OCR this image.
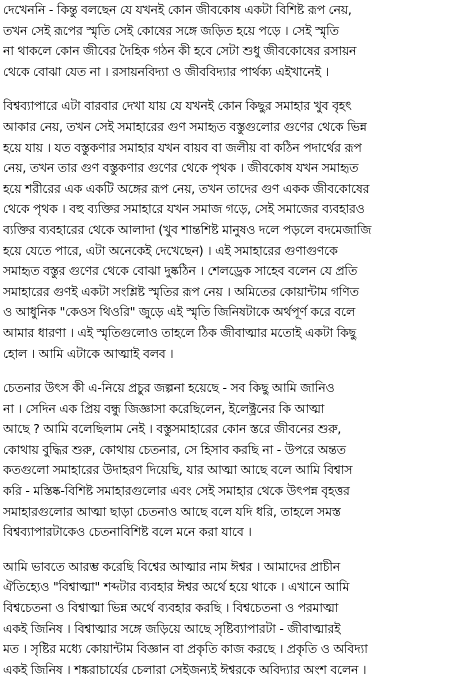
দেখেননি - কিন্তু বলছেন যে যখনই কোন জীবকোষ একটা বিশিষ্ট রূপ নেয়,
তখন সেই রূপের স্মৃতি সেই কোষের সঙ্গে জড়িত হয়ে পড়ে । সেই স্মৃতি
না থাকলে কোন জীবের দৈহিক গঠন কী হবে সেটা শুধু জীবকোষের রসায়ন
থেকে বোঝা যেত না । রসায়নবিদ্যা ও জীববিদ্যার পার্থক্য এইখানেই ।
বিশ্বব্যাপারে এটা বারবার দেখা যায় যে যখনই কোন কিছুর সমাহার খুব বৃহৎ
আকার নেয়, তখন সেই সমাহারের গুণ সমাহৃত বস্তুগুলোর গুণের থেকে ভিন্ন
হয়ে যায় । যত বস্তুকণার সমাহার যখন বায়ব বা জলীয় বা কঠিন পদার্থের রূপ
নেয়, তখন তার গুণ বস্তুকণার গুণের থেকে পৃথক । জীবকোষ যখন সমাহৃত
হয়ে শরীরের এক একটি অঙ্গের রূপ নেয়, তখন তাদের গুণ একক জীবকোষের
থেকে পৃথক । বহু ব্যক্তির সমাহারে যখন সমাজ গড়ে, সেই সমাজের ব্যবহারও
ব্যক্তির ব্যবহারের থেকে আলাদা (খুব শান্তশিষ্ট মানুষও দলে পড়লে বদমেজাজি
হয়ে যেতে পারে, এটা অনেকেই দেখেছেন) । এই সমাহারের গুণাগুণকে
সমাহৃত বস্তুর গুণের থেকে বোঝা দুষ্কঠিন । শেলড্রেক সাহেব বলেন যে প্রতি
সমাহারের গুণই একটা সংশ্লিষ্ট স্মৃতির রূপ নেয় । অমিতের কোয়ান্টাম গণিত
ও আধুনিক "কেওস থিওরি" জুড়ে এই স্মৃতি জিনিষটাকে অর্থপূর্ণ করে বলে
আমার ধারণা । এই স্মৃতিগুলোও তাহলে ঠিক জীবাত্মার মতোই একটা কিছু
হোল । আমি এটাকে আত্মাই বলব ।
চেতনার উৎস কী এ-নিয়ে প্রচুর জল্পনা হয়েছে - সব কিছু আমি জানিও
না । সেদিন এক প্রিয় বন্ধু জিজ্ঞাসা করেছিলেন, ইলেক্ট্রনের কি আত্মা
আছে ? আমি বলেছিলাম নেই । বস্তুসমাহারের কোন স্তরে জীবনের শুরু,
কোথায় বুদ্ধির শুরু, কোথায় চেতনার, সে হিসাব করছি না - উপরে অন্তত
কতগুলো সমাহারের উদাহরণ দিয়েছি, যার আত্মা আছে বলে আমি বিশ্বাস
করি - মস্তিষ্ক-বিশিষ্ট সমাহারগুলোর এবং সেই সমাহার থেকে উৎপন্ন বৃহত্তর
সমাহারগুলোর আত্মা ছাড়া চেতনাও আছে বলে যদি ধরি, তাহলে সমস্ত
বিশ্বব্যাপারটাকেও চেতনাবিশিষ্ট বলে মনে করা যাবে ।
আমি ভাবতে আরম্ভ করেছি বিশ্বের আত্মার নাম ঈশ্বর । আমাদের প্রাচীন
ঐতিহ্যেও "বিশ্বাত্মা" শব্দটার ব্যবহার ঈশ্বর অর্থে হয়ে থাকে । এখানে আমি
বিশ্বচেতনা ও বিশ্বাত্মা ভিন্ন অর্থে ব্যবহার করছি । বিশ্বচেতনা ও পরমাত্মা
একই জিনিষ । বিশ্বাত্মার সঙ্গে জড়িয়ে আছে সৃষ্টিব্যাপারটা - জীবাত্মারই
মত । সৃষ্টির মধ্যে কোয়ান্টাম বিজ্ঞান বা প্রকৃতি কাজ করছে । প্রকৃতি ও অবিদ্যা
একই জিনিষ । শঙ্করাচার্যের চেলারা সেইজন্যই ঈশ্বরকে অবিদ্যার অংশ বলেন ।
